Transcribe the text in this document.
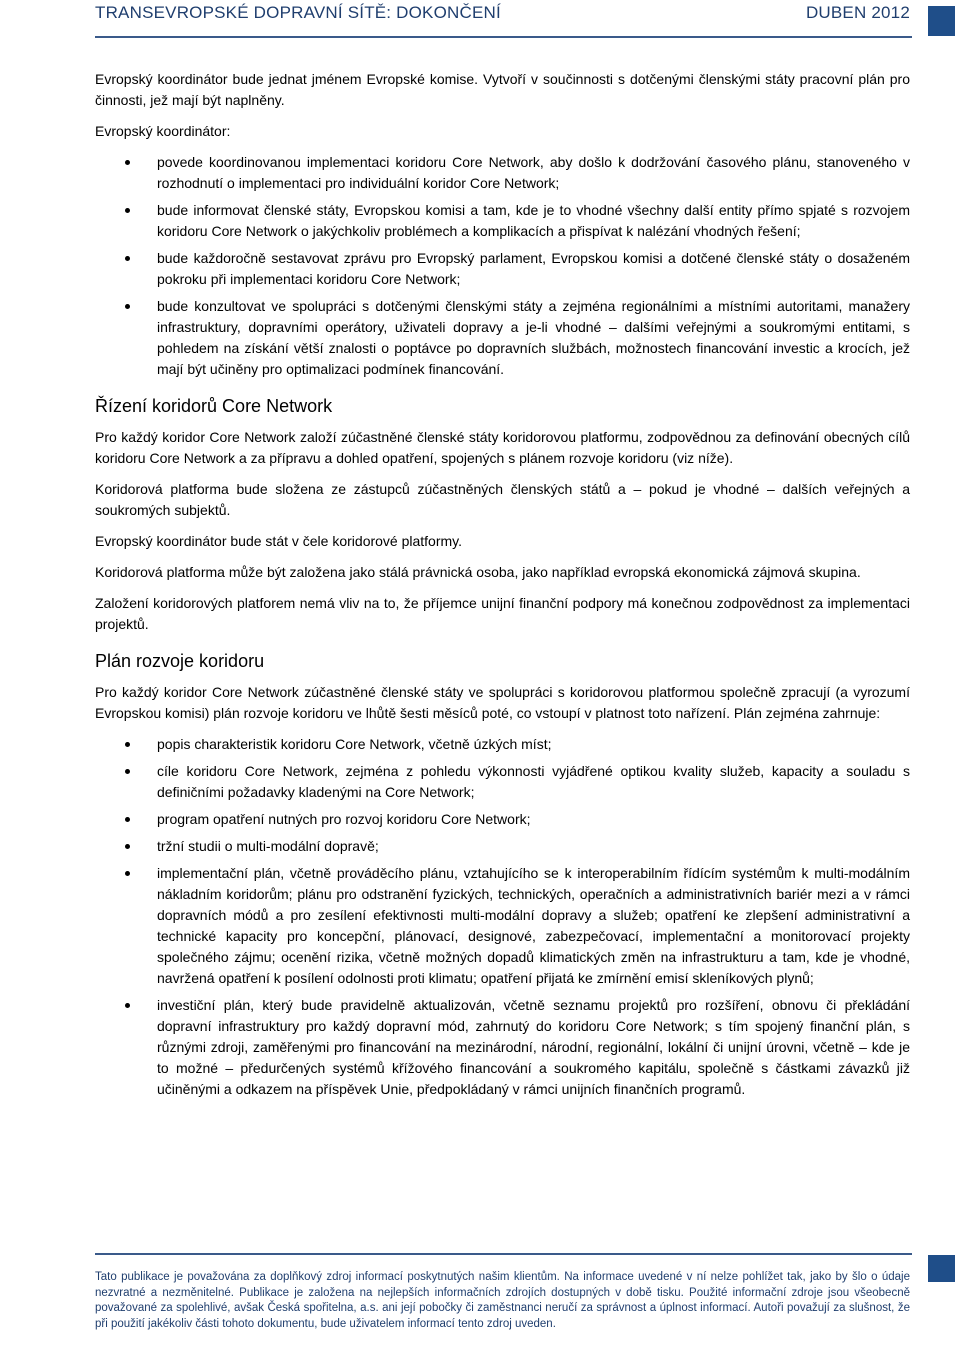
TRANSEVROPSKÉ DOPRAVNÍ SÍTĚ: DOKONČENÍ	DUBEN 2012

Evropský koordinátor bude jednat jménem Evropské komise. Vytvoří v součinnosti s dotčenými členskými státy pracovní plán pro činnosti, jež mají být naplněny.

Evropský koordinátor:

povede koordinovanou implementaci koridoru Core Network, aby došlo k dodržování časového plánu, stanoveného v rozhodnutí o implementaci pro individuální koridor Core Network;
bude informovat členské státy, Evropskou komisi a tam, kde je to vhodné všechny další entity přímo spjaté s rozvojem koridoru Core Network o jakýchkoliv problémech a komplikacích a přispívat k nalézání vhodných řešení;
bude každoročně sestavovat zprávu pro Evropský parlament, Evropskou komisi a dotčené členské státy o dosaženém pokroku při implementaci koridoru Core Network;
bude konzultovat ve spolupráci s dotčenými členskými státy a zejména regionálními a místními autoritami, manažery infrastruktury, dopravními operátory, uživateli dopravy a je-li vhodné – dalšími veřejnými a soukromými entitami, s pohledem na získání větší znalosti o poptávce po dopravních službách, možnostech financování investic a krocích, jež mají být učiněny pro optimalizaci podmínek financování.
Řízení koridorů Core Network

Pro každý koridor Core Network založí zúčastněné členské státy koridorovou platformu, zodpovědnou za definování obecných cílů koridoru Core Network a za přípravu a dohled opatření, spojených s plánem rozvoje koridoru (viz níže).

Koridorová platforma bude složena ze zástupců zúčastněných členských států a – pokud je vhodné – dalších veřejných a soukromých subjektů.

Evropský koordinátor bude stát v čele koridorové platformy.

Koridorová platforma může být založena jako stálá právnická osoba, jako například evropská ekonomická zájmová skupina.

Založení koridorových platforem nemá vliv na to, že příjemce unijní finanční podpory má konečnou zodpovědnost za implementaci projektů.

Plán rozvoje koridoru

Pro každý koridor Core Network zúčastněné členské státy ve spolupráci s koridorovou platformou společně zpracují (a vyrozumí Evropskou komisi) plán rozvoje koridoru ve lhůtě šesti měsíců poté, co vstoupí v platnost toto nařízení. Plán zejména zahrnuje:

popis charakteristik koridoru Core Network, včetně úzkých míst;
cíle koridoru Core Network, zejména z pohledu výkonnosti vyjádřené optikou kvality služeb, kapacity a souladu s definičními požadavky kladenými na Core Network;
program opatření nutných pro rozvoj koridoru Core Network;
tržní studii o multi-modální dopravě;
implementační plán, včetně prováděcího plánu, vztahujícího se k interoperabilním řídícím systémům k multi-modálním nákladním koridorům; plánu pro odstranění fyzických, technických, operačních a administrativních bariér mezi a v rámci dopravních módů a pro zesílení efektivnosti multi-modální dopravy a služeb; opatření ke zlepšení administrativní a technické kapacity pro koncepční, plánovací, designové, zabezpečovací, implementační a monitorovací projekty společného zájmu; ocenění rizika, včetně možných dopadů klimatických změn na infrastrukturu a tam, kde je vhodné, navržená opatření k posílení odolnosti proti klimatu; opatření přijatá ke zmírnění emisí skleníkových plynů;
investiční plán, který bude pravidelně aktualizován, včetně seznamu projektů pro rozšíření, obnovu či překládání dopravní infrastruktury pro každý dopravní mód, zahrnutý do koridoru Core Network; s tím spojený finanční plán, s různými zdroji, zaměřenými pro financování na mezinárodní, národní, regionální, lokální či unijní úrovni, včetně – kde je to možné – předurčených systémů křížového financování a soukromého kapitálu, společně s částkami závazků již učiněnými a odkazem na příspěvek Unie, předpokládaný v rámci unijních finančních programů.
Tato publikace je považována za doplňkový zdroj informací poskytnutých našim klientům. Na informace uvedené v ní nelze pohlížet tak, jako by šlo o údaje nezvratné a nezměnitelné. Publikace je založena na nejlepších informačních zdrojích dostupných v době tisku. Použité informační zdroje jsou všeobecně považované za spolehlivé, avšak Česká spořitelna, a.s. ani její pobočky či zaměstnanci neručí za správnost a úplnost informací. Autoři považují za slušnost, že při použití jakékoliv části tohoto dokumentu, bude uživatelem informací tento zdroj uveden.
